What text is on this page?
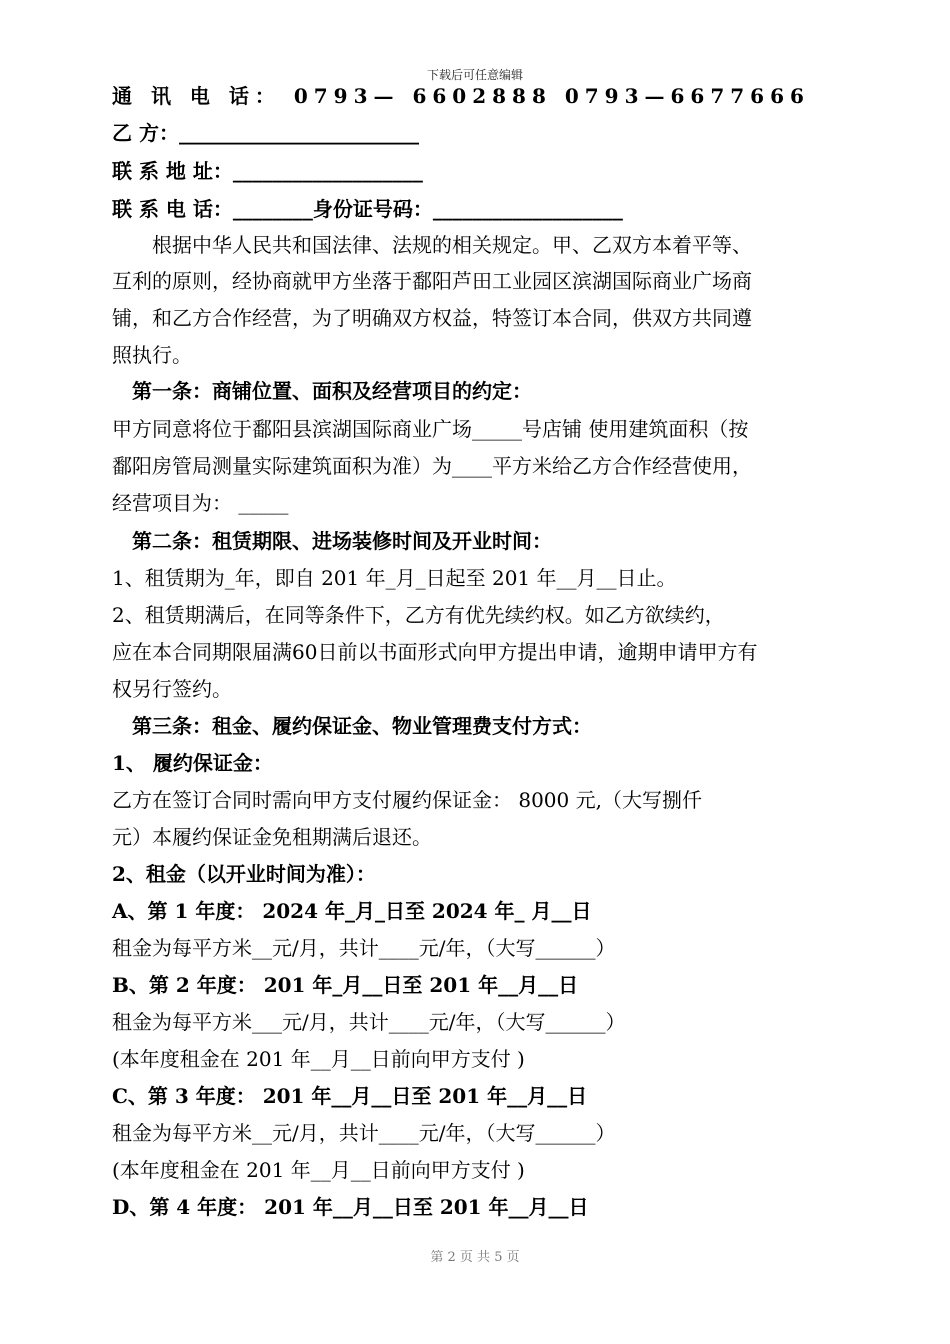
下载后可任意编辑
通 讯 电 话： 0793— 6602888 0793—6677666
乙 方：________________________
联 系 地 址：___________________
联 系 电 话：________身份证号码：___________________
　　根据中华人民共和国法律、法规的相关规定。甲、乙双方本着平等、
互利的原则，经协商就甲方坐落于鄱阳芦田工业园区滨湖国际商业广场商
铺，和乙方合作经营，为了明确双方权益，特签订本合同，供双方共同遵
照执行。
　第一条：商铺位置、面积及经营项目的约定：
甲方同意将位于鄱阳县滨湖国际商业广场_____号店铺 使用建筑面积（按
鄱阳房管局测量实际建筑面积为准）为____平方米给乙方合作经营使用，
经营项目为： _____
　第二条：租赁期限、进场装修时间及开业时间：
1、租赁期为_年，即自 201 年_月_日起至 201 年__月__日止。
2、租赁期满后，在同等条件下，乙方有优先续约权。如乙方欲续约，
应在本合同期限届满60日前以书面形式向甲方提出申请，逾期申请甲方有
权另行签约。
　第三条：租金、履约保证金、物业管理费支付方式：
1、 履约保证金：
乙方在签订合同时需向甲方支付履约保证金： 8000 元,（大写捌仟
元）本履约保证金免租期满后退还。
2、租金（以开业时间为准）：
A、第 1 年度： 2024 年_月_日至 2024 年_ 月__日
租金为每平方米__元/月，共计____元/年，（大写______）
B、第 2 年度： 201 年_月__日至 201 年__月__日
租金为每平方米___元/月，共计____元/年，（大写______）
(本年度租金在 201 年__月__日前向甲方支付 )
C、第 3 年度： 201 年__月__日至 201 年__月__日
租金为每平方米__元/月，共计____元/年，（大写______）
(本年度租金在 201 年__月__日前向甲方支付 )
D、第 4 年度： 201 年__月__日至 201 年__月__日
第 2 页 共 5 页
